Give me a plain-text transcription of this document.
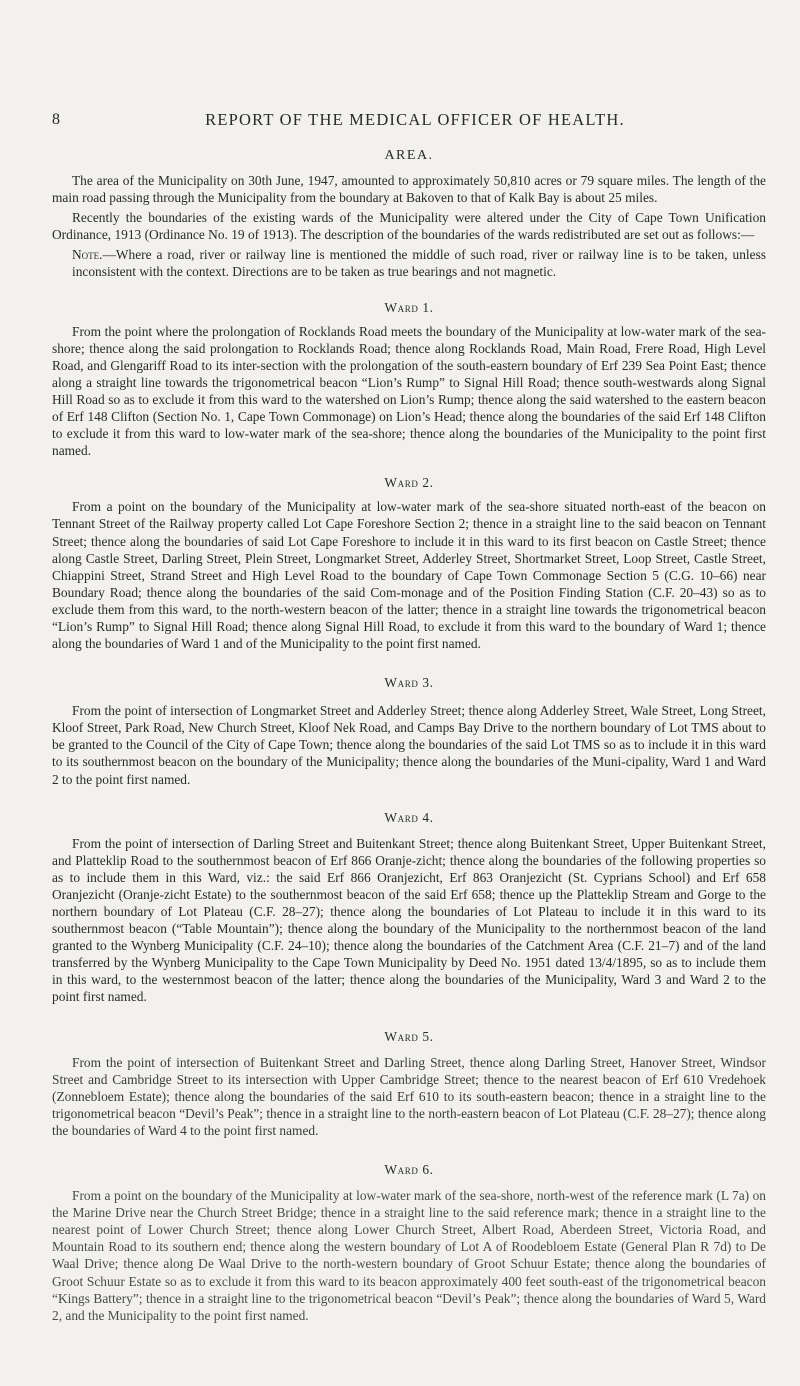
8	REPORT OF THE MEDICAL OFFICER OF HEALTH.
AREA.

The area of the Municipality on 30th June, 1947, amounted to approximately 50,810 acres or 79 square miles. The length of the main road passing through the Municipality from the boundary at Bakoven to that of Kalk Bay is about 25 miles.

Recently the boundaries of the existing wards of the Municipality were altered under the City of Cape Town Unification Ordinance, 1913 (Ordinance No. 19 of 1913). The description of the boundaries of the wards redistributed are set out as follows:—

Note.—Where a road, river or railway line is mentioned the middle of such road, river or railway line is to be taken, unless inconsistent with the context. Directions are to be taken as true bearings and not magnetic.

Ward 1.

From the point where the prolongation of Rocklands Road meets the boundary of the Municipality at low-water mark of the sea-shore; thence along the said prolongation to Rocklands Road; thence along Rocklands Road, Main Road, Frere Road, High Level Road, and Glengariff Road to its inter-section with the prolongation of the south-eastern boundary of Erf 239 Sea Point East; thence along a straight line towards the trigonometrical beacon “Lion’s Rump” to Signal Hill Road; thence south-westwards along Signal Hill Road so as to exclude it from this ward to the watershed on Lion’s Rump; thence along the said watershed to the eastern beacon of Erf 148 Clifton (Section No. 1, Cape Town Commonage) on Lion’s Head; thence along the boundaries of the said Erf 148 Clifton to exclude it from this ward to low-water mark of the sea-shore; thence along the boundaries of the Municipality to the point first named.

Ward 2.

From a point on the boundary of the Municipality at low-water mark of the sea-shore situated north-east of the beacon on Tennant Street of the Railway property called Lot Cape Foreshore Section 2; thence in a straight line to the said beacon on Tennant Street; thence along the boundaries of said Lot Cape Foreshore to include it in this ward to its first beacon on Castle Street; thence along Castle Street, Darling Street, Plein Street, Longmarket Street, Adderley Street, Shortmarket Street, Loop Street, Castle Street, Chiappini Street, Strand Street and High Level Road to the boundary of Cape Town Commonage Section 5 (C.G. 10–66) near Boundary Road; thence along the boundaries of the said Com-monage and of the Position Finding Station (C.F. 20–43) so as to exclude them from this ward, to the north-western beacon of the latter; thence in a straight line towards the trigonometrical beacon “Lion’s Rump” to Signal Hill Road; thence along Signal Hill Road, to exclude it from this ward to the boundary of Ward 1; thence along the boundaries of Ward 1 and of the Municipality to the point first named.

Ward 3.

From the point of intersection of Longmarket Street and Adderley Street; thence along Adderley Street, Wale Street, Long Street, Kloof Street, Park Road, New Church Street, Kloof Nek Road, and Camps Bay Drive to the northern boundary of Lot TMS about to be granted to the Council of the City of Cape Town; thence along the boundaries of the said Lot TMS so as to include it in this ward to its southernmost beacon on the boundary of the Municipality; thence along the boundaries of the Muni-cipality, Ward 1 and Ward 2 to the point first named.

Ward 4.

From the point of intersection of Darling Street and Buitenkant Street; thence along Buitenkant Street, Upper Buitenkant Street, and Platteklip Road to the southernmost beacon of Erf 866 Oranje-zicht; thence along the boundaries of the following properties so as to include them in this Ward, viz.: the said Erf 866 Oranjezicht, Erf 863 Oranjezicht (St. Cyprians School) and Erf 658 Oranjezicht (Oranje-zicht Estate) to the southernmost beacon of the said Erf 658; thence up the Platteklip Stream and Gorge to the northern boundary of Lot Plateau (C.F. 28–27); thence along the boundaries of Lot Plateau to include it in this ward to its southernmost beacon (“Table Mountain”); thence along the boundary of the Municipality to the northernmost beacon of the land granted to the Wynberg Municipality (C.F. 24–10); thence along the boundaries of the Catchment Area (C.F. 21–7) and of the land transferred by the Wynberg Municipality to the Cape Town Municipality by Deed No. 1951 dated 13/4/1895, so as to include them in this ward, to the westernmost beacon of the latter; thence along the boundaries of the Municipality, Ward 3 and Ward 2 to the point first named.

Ward 5.

From the point of intersection of Buitenkant Street and Darling Street, thence along Darling Street, Hanover Street, Windsor Street and Cambridge Street to its intersection with Upper Cambridge Street; thence to the nearest beacon of Erf 610 Vredehoek (Zonnebloem Estate); thence along the boundaries of the said Erf 610 to its south-eastern beacon; thence in a straight line to the trigonometrical beacon “Devil’s Peak”; thence in a straight line to the north-eastern beacon of Lot Plateau (C.F. 28–27); thence along the boundaries of Ward 4 to the point first named.

Ward 6.

From a point on the boundary of the Municipality at low-water mark of the sea-shore, north-west of the reference mark (L 7a) on the Marine Drive near the Church Street Bridge; thence in a straight line to the said reference mark; thence in a straight line to the nearest point of Lower Church Street; thence along Lower Church Street, Albert Road, Aberdeen Street, Victoria Road, and Mountain Road to its southern end; thence along the western boundary of Lot A of Roodebloem Estate (General Plan R 7d) to De Waal Drive; thence along De Waal Drive to the north-western boundary of Groot Schuur Estate; thence along the boundaries of Groot Schuur Estate so as to exclude it from this ward to its beacon approximately 400 feet south-east of the trigonometrical beacon “Kings Battery”; thence in a straight line to the trigonometrical beacon “Devil’s Peak”; thence along the boundaries of Ward 5, Ward 2, and the Municipality to the point first named.
